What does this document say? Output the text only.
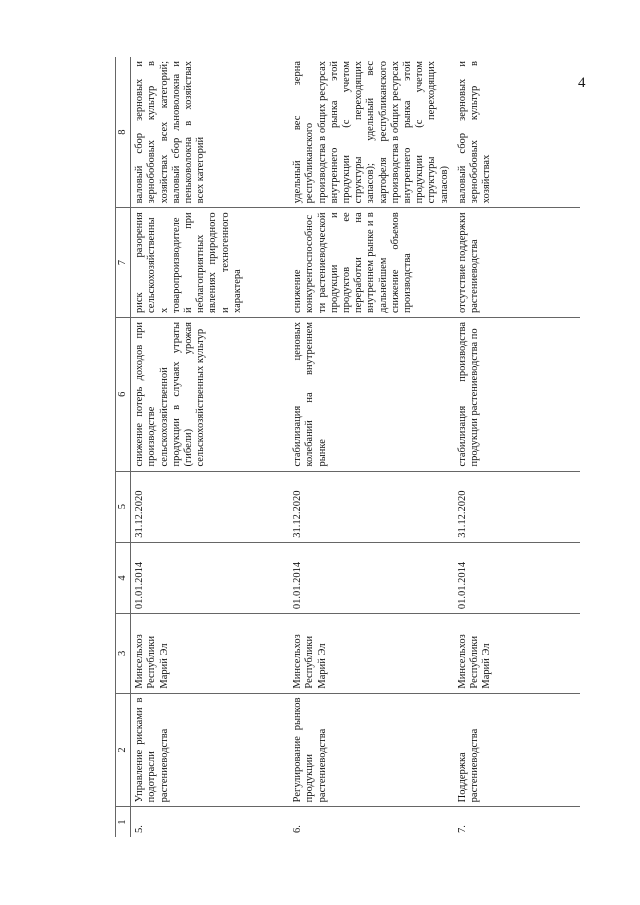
4
1	2	3	4	5	6	7	8
5.	Управление рисками в подотрасли растениеводства	Минсельхоз Республики Марий Эл	01.01.2014	31.12.2020	снижение потерь доходов при производстве сельскохозяйственной продукции в случаях утраты (гибели) урожая сельскохозяйственных культур	риск разорения сельскохозяйственных товаропроизводителей при неблагоприятных явлениях природного и техногенного характера	валовый сбор зерновых и зернобобовых культур в хозяйствах всех категорий; валовый сбор льноволокна и пеньковолокна в хозяйствах всех категорий
6.	Регулирование рынков продукции растениеводства	Минсельхоз Республики Марий Эл	01.01.2014	31.12.2020	стабилизация ценовых колебаний на внутреннем рынке	снижение конкурентоспособности растениеводческой продукции и продуктов ее переработки на внутреннем рынке и в дальнейшем снижение объемов производства	удельный вес зерна республиканского производства в общих ресурсах внутреннего рынка этой продукции (с учетом структуры переходящих запасов); удельный вес картофеля республиканского производства в общих ресурсах внутреннего рынка этой продукции (с учетом структуры переходящих запасов)
7.	Поддержка растениеводства	Минсельхоз Республики Марий Эл	01.01.2014	31.12.2020	стабилизация производства продукции растениеводства по	отсутствие поддержки растениеводства	валовый сбор зерновых и зернобобовых культур в хозяйствах
